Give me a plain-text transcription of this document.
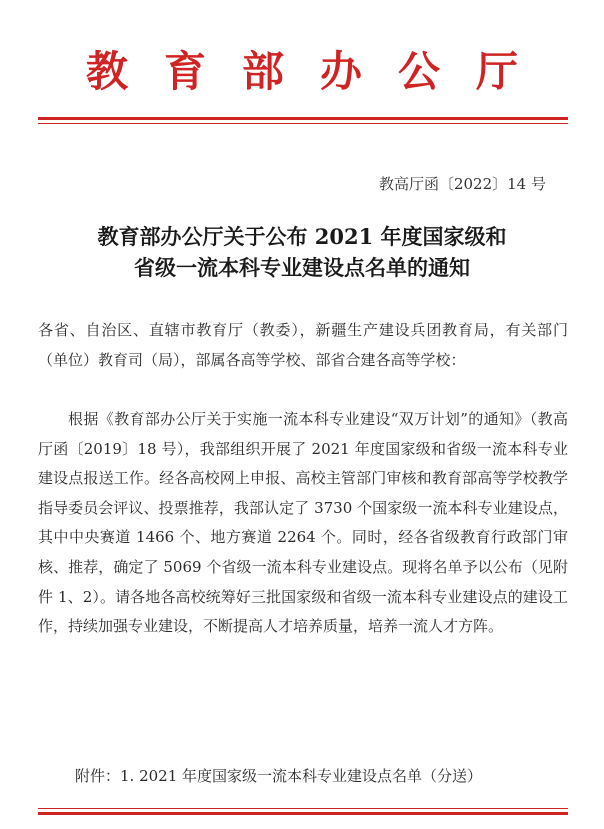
教育部办公厅
教高厅函〔2022〕14 号
教育部办公厅关于公布 2021 年度国家级和
省级一流本科专业建设点名单的通知
各省、自治区、直辖市教育厅（教委），新疆生产建设兵团教育局，有关部门（单位）教育司（局），部属各高等学校、部省合建各高等学校：
根据《教育部办公厅关于实施一流本科专业建设“双万计划”的通知》（教高厅函〔2019〕18 号），我部组织开展了 2021 年度国家级和省级一流本科专业建设点报送工作。经各高校网上申报、高校主管部门审核和教育部高等学校教学指导委员会评议、投票推荐，我部认定了 3730 个国家级一流本科专业建设点，其中中央赛道 1466 个、地方赛道 2264 个。同时，经各省级教育行政部门审核、推荐，确定了 5069 个省级一流本科专业建设点。现将名单予以公布（见附件 1、2）。请各地各高校统筹好三批国家级和省级一流本科专业建设点的建设工作，持续加强专业建设，不断提高人才培养质量，培养一流人才方阵。
附件：1. 2021 年度国家级一流本科专业建设点名单（分送）
